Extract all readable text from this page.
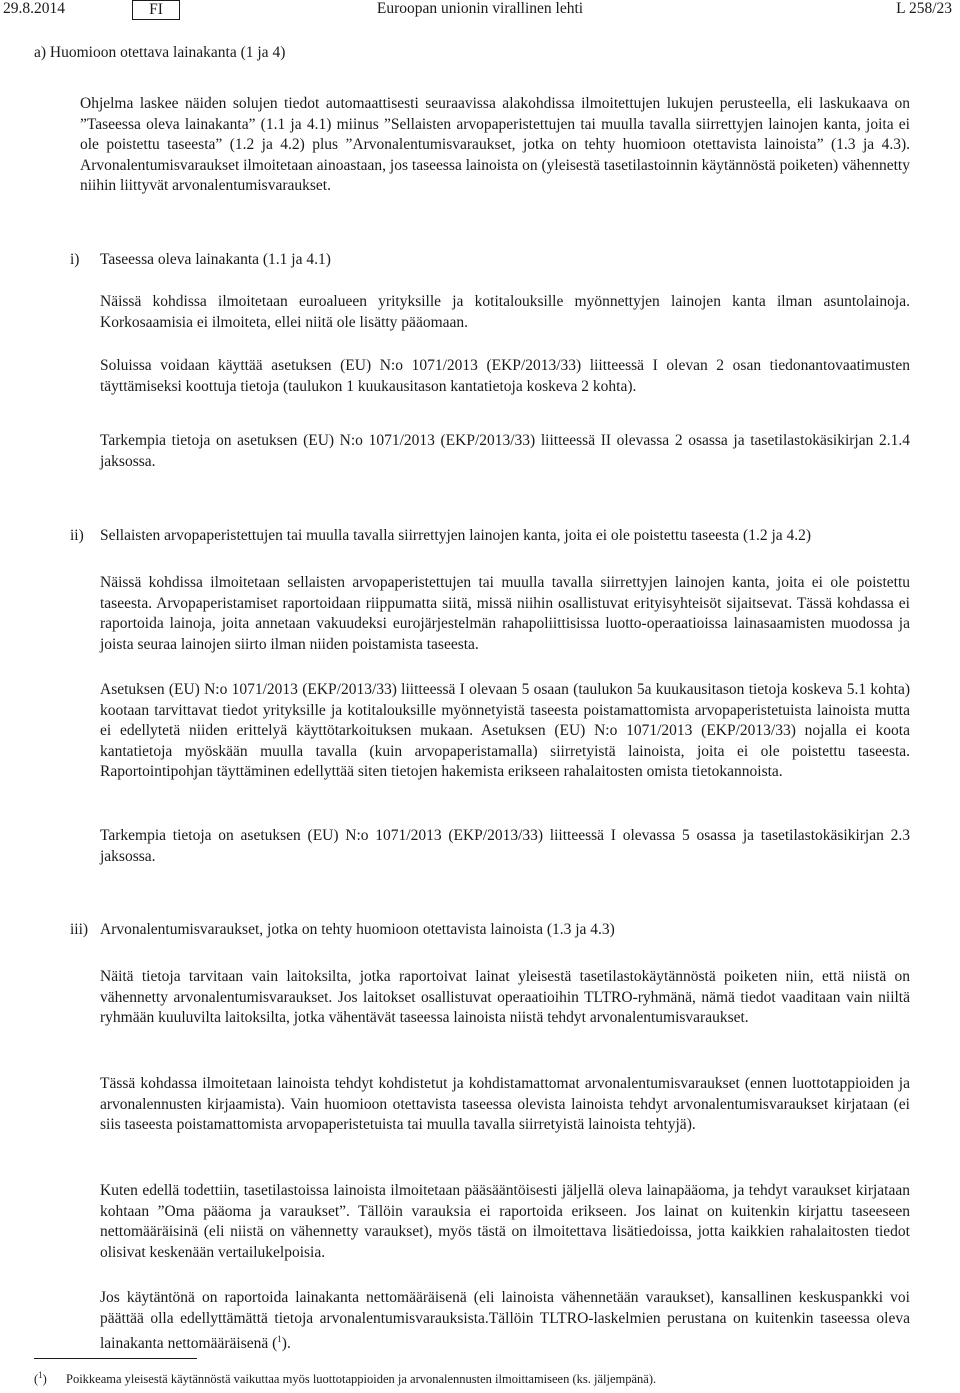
29.8.2014	FI	Euroopan unionin virallinen lehti	L 258/23
a) Huomioon otettava lainakanta (1 ja 4)

Ohjelma laskee näiden solujen tiedot automaattisesti seuraavissa alakohdissa ilmoitettujen lukujen perusteella, eli laskukaava on ”Taseessa oleva lainakanta” (1.1 ja 4.1) miinus ”Sellaisten arvopaperistettujen tai muulla tavalla siirrettyjen lainojen kanta, joita ei ole poistettu taseesta” (1.2 ja 4.2) plus ”Arvonalentumisvaraukset, jotka on tehty huomioon otettavista lainoista” (1.3 ja 4.3). Arvonalentumisvaraukset ilmoitetaan ainoastaan, jos taseessa lainoista on (yleisestä tasetilastoinnin käytännöstä poiketen) vähennetty niihin liittyvät arvonalentumisvaraukset.

i) Taseessa oleva lainakanta (1.1 ja 4.1)

Näissä kohdissa ilmoitetaan euroalueen yrityksille ja kotitalouksille myönnettyjen lainojen kanta ilman asuntolainoja. Korkosaamisia ei ilmoiteta, ellei niitä ole lisätty pääomaan.

Soluissa voidaan käyttää asetuksen (EU) N:o 1071/2013 (EKP/2013/33) liitteessä I olevan 2 osan tiedonantovaatimusten täyttämiseksi koottuja tietoja (taulukon 1 kuukausitason kantatietoja koskeva 2 kohta).

Tarkempia tietoja on asetuksen (EU) N:o 1071/2013 (EKP/2013/33) liitteessä II olevassa 2 osassa ja tasetilastokäsikirjan 2.1.4 jaksossa.

ii) Sellaisten arvopaperistettujen tai muulla tavalla siirrettyjen lainojen kanta, joita ei ole poistettu taseesta (1.2 ja 4.2)

Näissä kohdissa ilmoitetaan sellaisten arvopaperistettujen tai muulla tavalla siirrettyjen lainojen kanta, joita ei ole poistettu taseesta. Arvopaperistamiset raportoidaan riippumatta siitä, missä niihin osallistuvat erityisyhteisöt sijaitsevat. Tässä kohdassa ei raportoida lainoja, joita annetaan vakuudeksi eurojärjestelmän rahapoliittisissa luotto-operaatioissa lainasaamisten muodossa ja joista seuraa lainojen siirto ilman niiden poistamista taseesta.

Asetuksen (EU) N:o 1071/2013 (EKP/2013/33) liitteessä I olevaan 5 osaan (taulukon 5a kuukausitason tietoja koskeva 5.1 kohta) kootaan tarvittavat tiedot yrityksille ja kotitalouksille myönnetyistä taseesta poistamattomista arvopaperistetuista lainoista mutta ei edellytetä niiden erittelyä käyttötarkoituksen mukaan. Asetuksen (EU) N:o 1071/2013 (EKP/2013/33) nojalla ei koota kantatietoja myöskään muulla tavalla (kuin arvopaperistamalla) siirretyistä lainoista, joita ei ole poistettu taseesta. Raportointipohjan täyttäminen edellyttää siten tietojen hakemista erikseen rahalaitosten omista tietokannoista.

Tarkempia tietoja on asetuksen (EU) N:o 1071/2013 (EKP/2013/33) liitteessä I olevassa 5 osassa ja tasetilastokäsikirjan 2.3 jaksossa.

iii) Arvonalentumisvaraukset, jotka on tehty huomioon otettavista lainoista (1.3 ja 4.3)

Näitä tietoja tarvitaan vain laitoksilta, jotka raportoivat lainat yleisestä tasetilastokäytännöstä poiketen niin, että niistä on vähennetty arvonalentumisvaraukset. Jos laitokset osallistuvat operaatioihin TLTRO-ryhmänä, nämä tiedot vaaditaan vain niiltä ryhmään kuuluvilta laitoksilta, jotka vähentävät taseessa lainoista niistä tehdyt arvonalentumisvaraukset.

Tässä kohdassa ilmoitetaan lainoista tehdyt kohdistetut ja kohdistamattomat arvonalentumisvaraukset (ennen luottotappioiden ja arvonalennusten kirjaamista). Vain huomioon otettavista taseessa olevista lainoista tehdyt arvonalentumisvaraukset kirjataan (ei siis taseesta poistamattomista arvopaperistetuista tai muulla tavalla siirretyistä lainoista tehtyjä).

Kuten edellä todettiin, tasetilastoissa lainoista ilmoitetaan pääsääntöisesti jäljellä oleva lainapääoma, ja tehdyt varaukset kirjataan kohtaan ”Oma pääoma ja varaukset”. Tällöin varauksia ei raportoida erikseen. Jos lainat on kuitenkin kirjattu taseeseen nettomääräisinä (eli niistä on vähennetty varaukset), myös tästä on ilmoitettava lisätiedoissa, jotta kaikkien rahalaitosten tiedot olisivat keskenään vertailukelpoisia.

Jos käytäntönä on raportoida lainakanta nettomääräisenä (eli lainoista vähennetään varaukset), kansallinen keskuspankki voi päättää olla edellyttämättä tietoja arvonalentumisvarauksista.Tällöin TLTRO-laskelmien perustana on kuitenkin taseessa oleva lainakanta nettomääräisenä ($^1$).

($^1$) Poikkeama yleisestä käytännöstä vaikuttaa myös luottotappioiden ja arvonalennusten ilmoittamiseen (ks. jäljempänä).
